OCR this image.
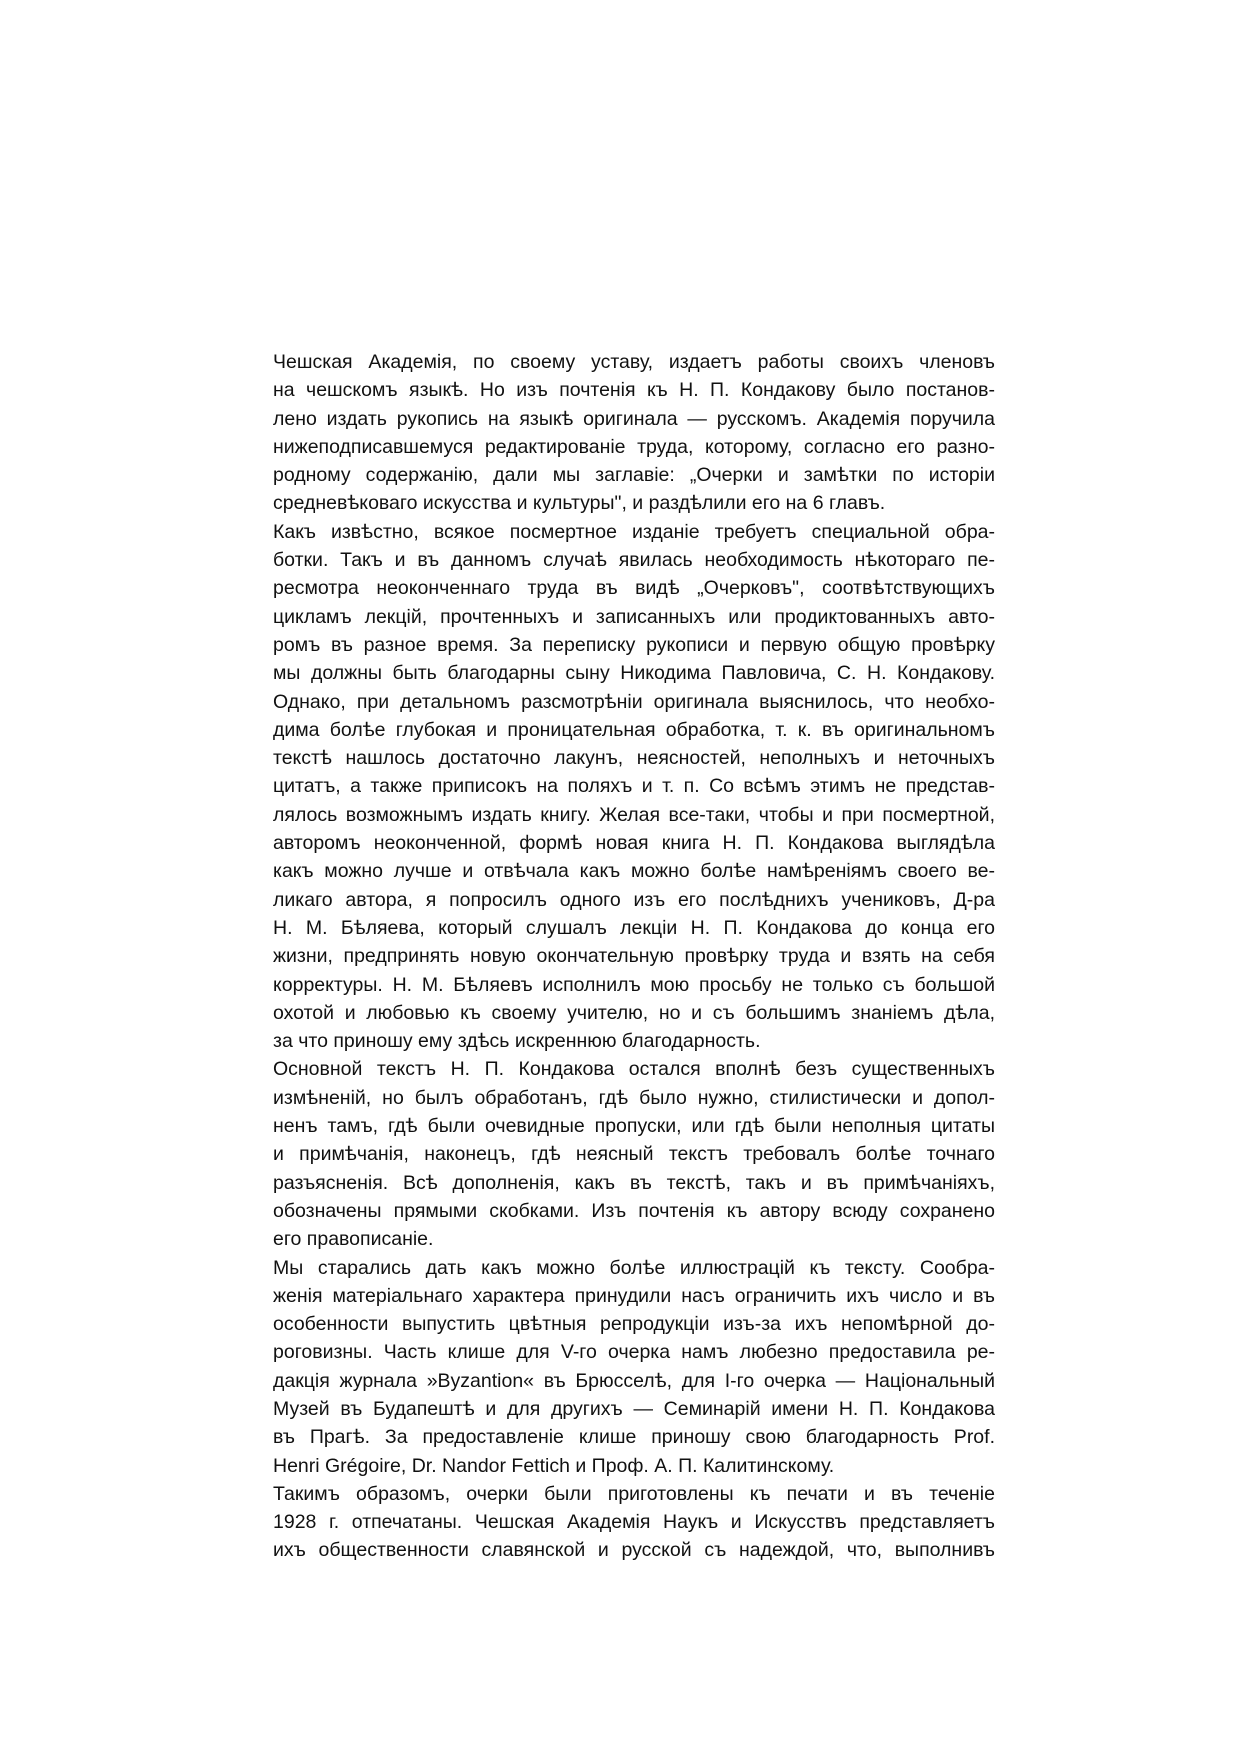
Чешская Академія, по своему уставу, издаетъ работы своихъ членовъ
на чешскомъ языкѣ. Но изъ почтенія къ Н. П. Кондакову было постанов-
лено издать рукопись на языкѣ оригинала — русскомъ. Академія поручила
нижеподписавшемуся редактированіе труда, которому, согласно его разно-
родному содержанію, дали мы заглавіе: „Очерки и замѣтки по исторіи
средневѣковаго искусства и культуры", и раздѣлили его на 6 главъ.
Какъ извѣстно, всякое посмертное изданіе требуетъ специальной обра-
ботки. Такъ и въ данномъ случаѣ явилась необходимость нѣкотораго пе-
ресмотра неоконченнаго труда въ видѣ „Очерковъ", соотвѣтствующихъ
цикламъ лекцій, прочтенныхъ и записанныхъ или продиктованныхъ авто-
ромъ въ разное время. За переписку рукописи и первую общую провѣрку
мы должны быть благодарны сыну Никодима Павловича, С. Н. Кондакову.
Однако, при детальномъ разсмотрѣніи оригинала выяснилось, что необхо-
дима болѣе глубокая и проницательная обработка, т. к. въ оригинальномъ
текстѣ нашлось достаточно лакунъ, неясностей, неполныхъ и неточныхъ
цитатъ, а также приписокъ на поляхъ и т. п. Со всѣмъ этимъ не представ-
лялось возможнымъ издать книгу. Желая все-таки, чтобы и при посмертной,
авторомъ неоконченной, формѣ новая книга Н. П. Кондакова выглядѣла
какъ можно лучше и отвѣчала какъ можно болѣе намѣреніямъ своего ве-
ликаго автора, я попросилъ одного изъ его послѣднихъ учениковъ, Д-ра
Н. М. Бѣляева, который слушалъ лекціи Н. П. Кондакова до конца его
жизни, предпринять новую окончательную провѣрку труда и взять на себя
корректуры. Н. М. Бѣляевъ исполнилъ мою просьбу не только съ большой
охотой и любовью къ своему учителю, но и съ большимъ знаніемъ дѣла,
за что приношу ему здѣсь искреннюю благодарность.
Основной текстъ Н. П. Кондакова остался вполнѣ безъ существенныхъ
измѣненій, но былъ обработанъ, гдѣ было нужно, стилистически и допол-
ненъ тамъ, гдѣ были очевидные пропуски, или гдѣ были неполныя цитаты
и примѣчанія, наконецъ, гдѣ неясный текстъ требовалъ болѣе точнаго
разъясненія. Всѣ дополненія, какъ въ текстѣ, такъ и въ примѣчаніяхъ,
обозначены прямыми скобками. Изъ почтенія къ автору всюду сохранено
его правописаніе.
Мы старались дать какъ можно болѣе иллюстрацій къ тексту. Сообра-
женія матеріальнаго характера принудили насъ ограничить ихъ число и въ
особенности выпустить цвѣтныя репродукціи изъ-за ихъ непомѣрной до-
роговизны. Часть клише для V-го очерка намъ любезно предоставила ре-
дакція журнала »Byzantion« въ Брюсселѣ, для I-го очерка — Національный
Музей въ Будапештѣ и для другихъ — Семинарій имени Н. П. Кондакова
въ Прагѣ. За предоставленіе клише приношу свою благодарность Prof.
Henri Grégoire, Dr. Nandor Fettich и Проф. А. П. Калитинскому.
Такимъ образомъ, очерки были приготовлены къ печати и въ теченіе
1928 г. отпечатаны. Чешская Академія Наукъ и Искусствъ представляетъ
ихъ общественности славянской и русской съ надеждой, что, выполнивъ
